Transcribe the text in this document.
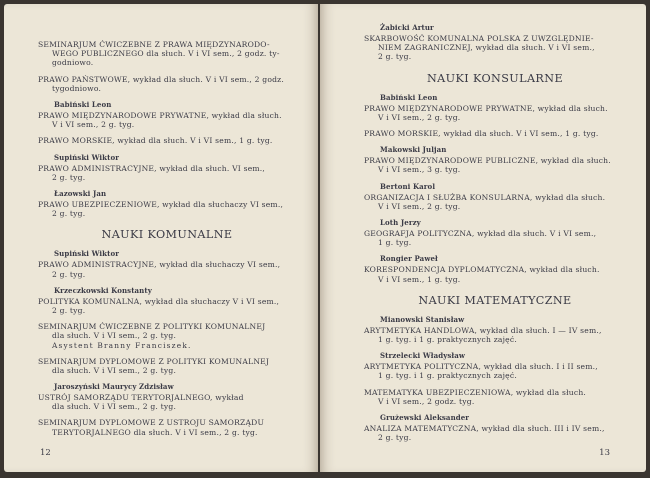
SEMINARJUM ĆWICZEBNE Z PRAWA MIĘDZYNARODO-
WEGO PUBLICZNEGO dla słuch. V i VI sem., 2 godz. ty-
godniowo.
PRAWO PAŃSTWOWE, wykład dla słuch. V i VI sem., 2 godz.
tygodniowo.
Babiński Leon
PRAWO MIĘDZYNARODOWE PRYWATNE, wykład dla słuch.
V i VI sem., 2 g. tyg.
PRAWO MORSKIE, wykład dla słuch. V i VI sem., 1 g. tyg.
Supiński Wiktor
PRAWO ADMINISTRACYJNE, wykład dla słuch. VI sem.,
2 g. tyg.
Łazowski Jan
PRAWO UBEZPIECZENIOWE, wykład dla słuchaczy VI sem.,
2 g. tyg.
NAUKI KOMUNALNE
Supiński Wiktor
PRAWO ADMINISTRACYJNE, wykład dla słuchaczy VI sem.,
2 g. tyg.
Krzeczkowski Konstanty
POLITYKA KOMUNALNA, wykład dla słuchaczy V i VI sem.,
2 g. tyg.
SEMINARJUM ĆWICZEBNE Z POLITYKI KOMUNALNEJ
dla słuch. V i VI sem., 2 g. tyg.
Asystent Branny Franciszek.
SEMINARJUM DYPLOMOWE Z POLITYKI KOMUNALNEJ
dla słuch. V i VI sem., 2 g. tyg.
Jaroszyński Maurycy Zdzisław
USTRÓJ SAMORZĄDU TERYTORJALNEGO, wykład
dla słuch. V i VI sem., 2 g. tyg.
SEMINARJUM DYPLOMOWE Z USTROJU SAMORZĄDU
TERYTORJALNEGO dla słuch. V i VI sem., 2 g. tyg.
12
Żabicki Artur
SKARBOWOŚĆ KOMUNALNA POLSKA Z UWZGLĘDNIE-
NIEM ZAGRANICZNEJ, wykład dla słuch. V i VI sem.,
2 g. tyg.
NAUKI KONSULARNE
Babiński Leon
PRAWO MIĘDZYNARODOWE PRYWATNE, wykład dla słuch.
V i VI sem., 2 g. tyg.
PRAWO MORSKIE, wykład dla słuch. V i VI sem., 1 g. tyg.
Makowski Juljan
PRAWO MIĘDZYNARODOWE PUBLICZNE, wykład dla słuch.
V i VI sem., 3 g. tyg.
Bertoni Karol
ORGANIZACJA I SŁUŻBA KONSULARNA, wykład dla słuch.
V i VI sem., 2 g. tyg.
Loth Jerzy
GEOGRAFJA POLITYCZNA, wykład dla słuch. V i VI sem.,
1 g. tyg.
Rongier Paweł
KORESPONDENCJA DYPLOMATYCZNA, wykład dla słuch.
V i VI sem., 1 g. tyg.
NAUKI MATEMATYCZNE
Mianowski Stanisław
ARYTMETYKA HANDLOWA, wykład dla słuch. I — IV sem.,
1 g. tyg. i 1 g. praktycznych zajęć.
Strzelecki Władysław
ARYTMETYKA POLITYCZNA, wykład dla słuch. I i II sem.,
1 g. tyg. i 1 g. praktycznych zajęć.
MATEMATYKA UBEZPIECZENIOWA, wykład dla słuch.
V i VI sem., 2 godz. tyg.
Grużewski Aleksander
ANALIZA MATEMATYCZNA, wykład dla słuch. III i IV sem.,
2 g. tyg.
13
